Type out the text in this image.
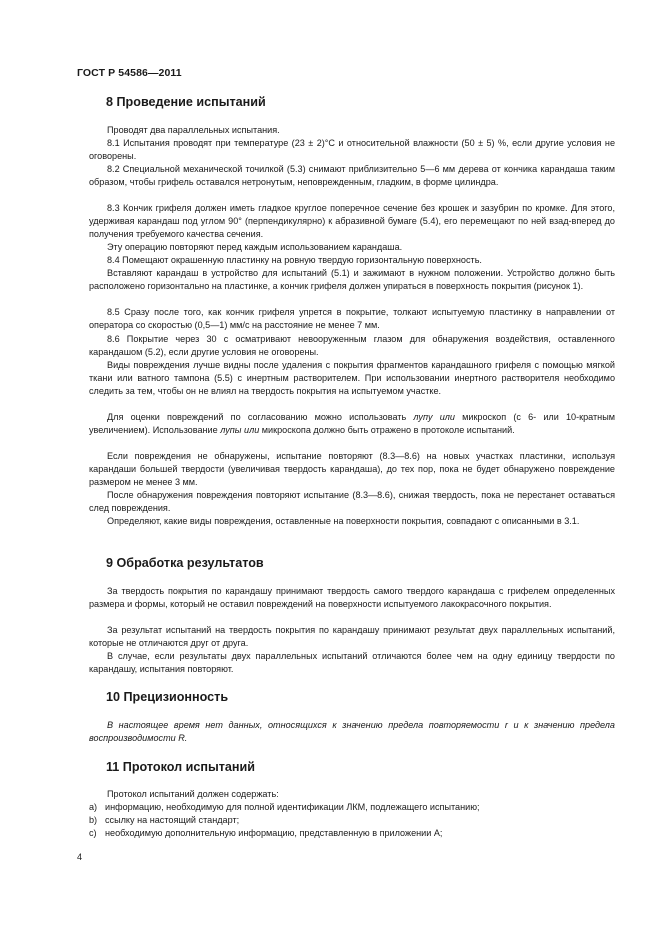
ГОСТ Р 54586—2011
8 Проведение испытаний

Проводят два параллельных испытания.

8.1 Испытания проводят при температуре (23 ± 2)°С и относительной влажности (50 ± 5) %, если другие условия не оговорены.

8.2 Специальной механической точилкой (5.3) снимают приблизительно 5—6 мм дерева от кончика карандаша таким образом, чтобы грифель оставался нетронутым, неповрежденным, гладким, в форме цилиндра.

8.3 Кончик грифеля должен иметь гладкое круглое поперечное сечение без крошек и зазубрин по кромке. Для этого, удерживая карандаш под углом 90° (перпендикулярно) к абразивной бумаге (5.4), его перемещают по ней взад-вперед до получения требуемого качества сечения.

Эту операцию повторяют перед каждым использованием карандаша.

8.4 Помещают окрашенную пластинку на ровную твердую горизонтальную поверхность.

Вставляют карандаш в устройство для испытаний (5.1) и зажимают в нужном положении. Устройство должно быть расположено горизонтально на пластинке, а кончик грифеля должен упираться в поверхность покрытия (рисунок 1).

8.5 Сразу после того, как кончик грифеля упрется в покрытие, толкают испытуемую пластинку в направлении от оператора со скоростью (0,5—1) мм/с на расстояние не менее 7 мм.

8.6 Покрытие через 30 с осматривают невооруженным глазом для обнаружения воздействия, оставленного карандашом (5.2), если другие условия не оговорены.

Виды повреждения лучше видны после удаления с покрытия фрагментов карандашного грифеля с помощью мягкой ткани или ватного тампона (5.5) с инертным растворителем. При использовании инертного растворителя необходимо следить за тем, чтобы он не влиял на твердость покрытия на испытуемом участке.

Для оценки повреждений по согласованию можно использовать лупу или микроскоп (с 6- или 10-кратным увеличением). Использование лупы или микроскопа должно быть отражено в протоколе испытаний.

Если повреждения не обнаружены, испытание повторяют (8.3—8.6) на новых участках пластинки, используя карандаши большей твердости (увеличивая твердость карандаша), до тех пор, пока не будет обнаружено повреждение размером не менее 3 мм.

После обнаружения повреждения повторяют испытание (8.3—8.6), снижая твердость, пока не перестанет оставаться след повреждения.

Определяют, какие виды повреждения, оставленные на поверхности покрытия, совпадают с описанными в 3.1.

9 Обработка результатов

За твердость покрытия по карандашу принимают твердость самого твердого карандаша с грифелем определенных размера и формы, который не оставил повреждений на поверхности испытуемого лакокрасочного покрытия.

За результат испытаний на твердость покрытия по карандашу принимают результат двух параллельных испытаний, которые не отличаются друг от друга.

В случае, если результаты двух параллельных испытаний отличаются более чем на одну единицу твердости по карандашу, испытания повторяют.

10 Прецизионность

В настоящее время нет данных, относящихся к значению предела повторяемости r и к значению предела воспроизводимости R.

11 Протокол испытаний

Протокол испытаний должен содержать:

a) информацию, необходимую для полной идентификации ЛКМ, подлежащего испытанию;
b) ссылку на настоящий стандарт;
c) необходимую дополнительную информацию, представленную в приложении А;
4
